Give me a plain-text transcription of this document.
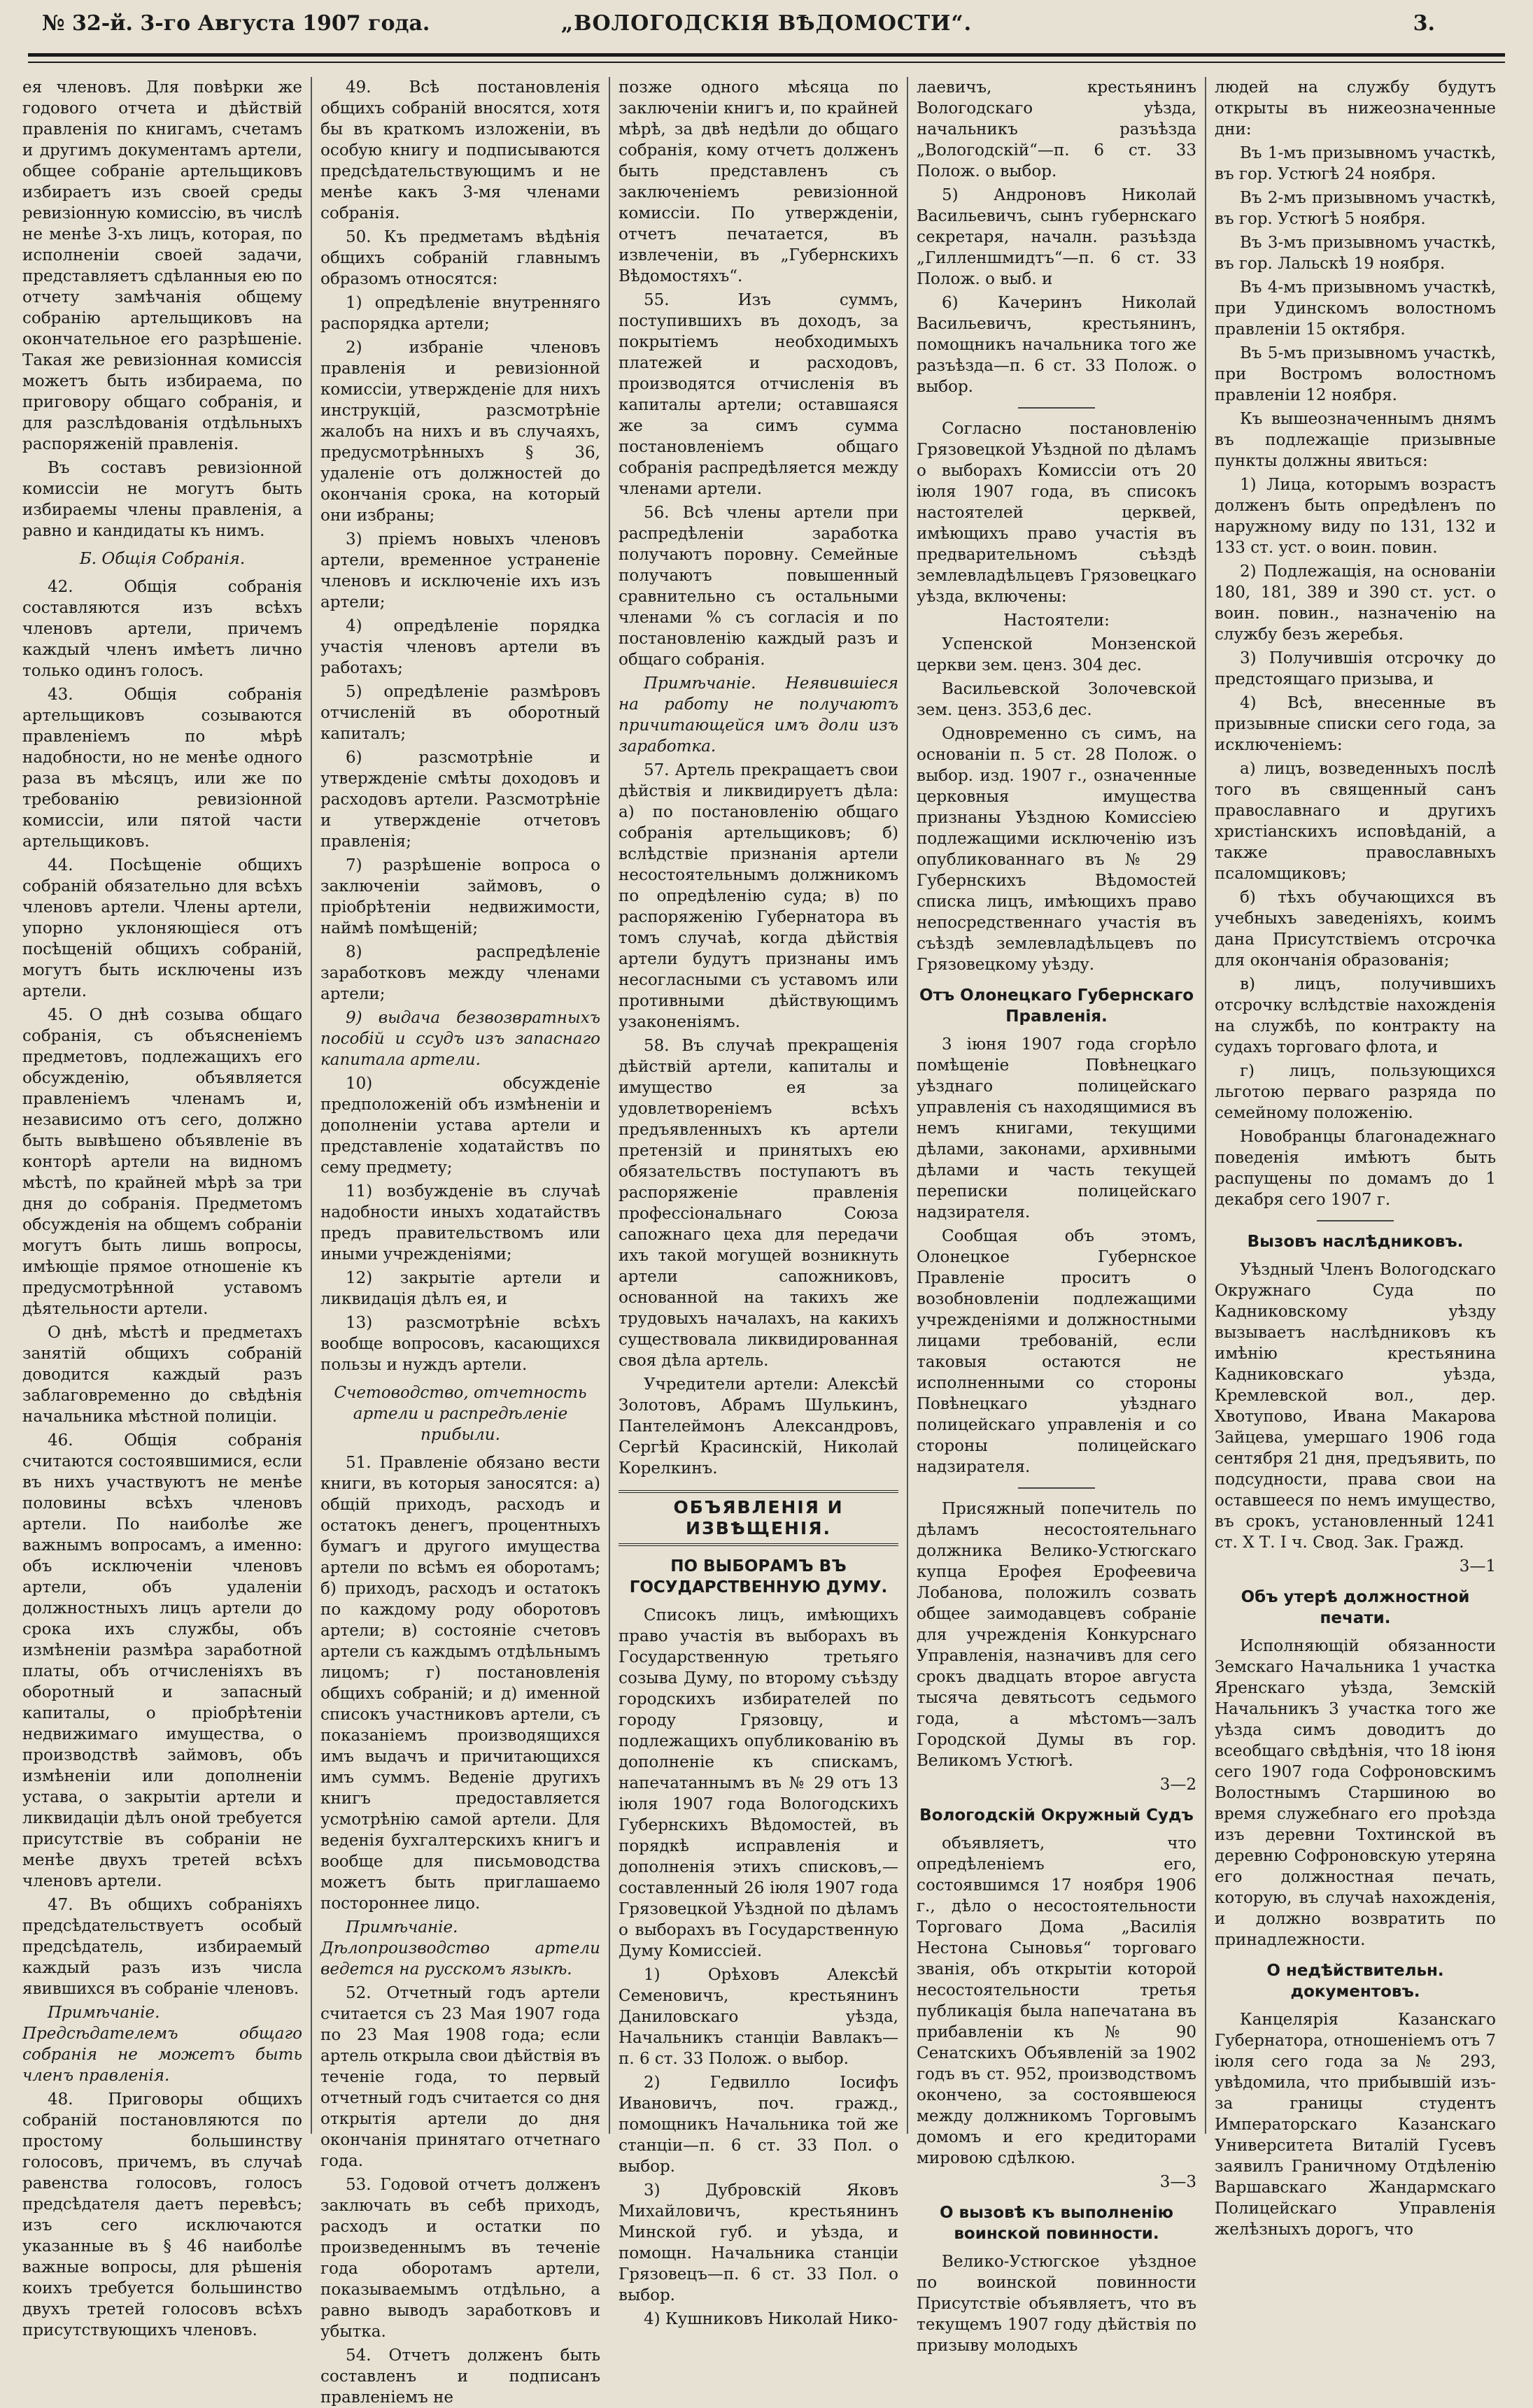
№ 32-й. 3-го Августа 1907 года.	„ВОЛОГОДСКІЯ ВѢДОМОСТИ“.	3.

ея членовъ. Для повѣрки же годового отчета и дѣйствій правленія по книгамъ, счетамъ и другимъ документамъ артели, общее собраніе артельщиковъ избираетъ изъ своей среды ревизіонную комиссію, въ числѣ не менѣе 3-хъ лицъ, которая, по исполненіи своей задачи, представляетъ сдѣланныя ею по отчету замѣчанія общему собранію артельщиковъ на окончательное его разрѣшеніе. Такая же ревизіонная комиссія можетъ быть избираема, по приговору общаго собранія, и для разслѣдованія отдѣльныхъ распоряженій правленія.

Въ составъ ревизіонной комиссіи не могутъ быть избираемы члены правленія, а равно и кандидаты къ нимъ.

Б. Общія Собранія.

42. Общія собранія составляются изъ всѣхъ членовъ артели, причемъ каждый членъ имѣетъ лично только одинъ голосъ.

43. Общія собранія артельщиковъ созываются правленіемъ по мѣрѣ надобности, но не менѣе одного раза въ мѣсяцъ, или же по требованію ревизіонной комиссіи, или пятой части артельщиковъ.

44. Посѣщеніе общихъ собраній обязательно для всѣхъ членовъ артели. Члены артели, упорно уклоняющіеся отъ посѣщеній общихъ собраній, могутъ быть исключены изъ артели.

45. О днѣ созыва общаго собранія, съ объясненіемъ предметовъ, подлежащихъ его обсужденію, объявляется правленіемъ членамъ и, независимо отъ сего, должно быть вывѣшено объявленіе въ конторѣ артели на видномъ мѣстѣ, по крайней мѣрѣ за три дня до собранія. Предметомъ обсужденія на общемъ собраніи могутъ быть лишь вопросы, имѣющіе прямое отношеніе къ предусмотрѣнной уставомъ дѣятельности артели.

О днѣ, мѣстѣ и предметахъ занятій общихъ собраній доводится каждый разъ заблаговременно до свѣдѣнія начальника мѣстной полиціи.

46. Общія собранія считаются состоявшимися, если въ нихъ участвуютъ не менѣе половины всѣхъ членовъ артели. По наиболѣе же важнымъ вопросамъ, а именно: объ исключеніи членовъ артели, объ удаленіи должностныхъ лицъ артели до срока ихъ службы, объ измѣненіи размѣра заработной платы, объ отчисленіяхъ въ оборотный и запасный капиталы, о пріобрѣтеніи недвижимаго имущества, о производствѣ займовъ, объ измѣненіи или дополненіи устава, о закрытіи артели и ликвидаціи дѣлъ оной требуется присутствіе въ собраніи не менѣе двухъ третей всѣхъ членовъ артели.

47. Въ общихъ собраніяхъ предсѣдательствуетъ особый предсѣдатель, избираемый каждый разъ изъ числа явившихся въ собраніе членовъ.

Примѣчаніе. Предсѣдателемъ общаго собранія не можетъ быть членъ правленія.

48. Приговоры общихъ собраній постановляются по простому большинству голосовъ, причемъ, въ случаѣ равенства голосовъ, голосъ предсѣдателя даетъ перевѣсъ; изъ сего исключаются указанные въ § 46 наиболѣе важные вопросы, для рѣшенія коихъ требуется большинство двухъ третей голосовъ всѣхъ присутствующихъ членовъ.

49. Всѣ постановленія общихъ собраній вносятся, хотя бы въ краткомъ изложеніи, въ особую книгу и подписываются предсѣдательствующимъ и не менѣе какъ 3-мя членами собранія.

50. Къ предметамъ вѣдѣнія общихъ собраній главнымъ образомъ относятся:

1) опредѣленіе внутренняго распорядка артели;

2) избраніе членовъ правленія и ревизіонной комиссіи, утвержденіе для нихъ инструкцій, разсмотрѣніе жалобъ на нихъ и въ случаяхъ, предусмотрѣнныхъ § 36, удаленіе отъ должностей до окончанія срока, на который они избраны;

3) пріемъ новыхъ членовъ артели, временное устраненіе членовъ и исключеніе ихъ изъ артели;

4) опредѣленіе порядка участія членовъ артели въ работахъ;

5) опредѣленіе размѣровъ отчисленій въ оборотный капиталъ;

6) разсмотрѣніе и утвержденіе смѣты доходовъ и расходовъ артели. Разсмотрѣніе и утвержденіе отчетовъ правленія;

7) разрѣшеніе вопроса о заключеніи займовъ, о пріобрѣтеніи недвижимости, наймѣ помѣщеній;

8) распредѣленіе заработковъ между членами артели;

9) выдача безвозвратныхъ пособій и ссудъ изъ запаснаго капитала артели.

10) обсужденіе предположеній объ измѣненіи и дополненіи устава артели и представленіе ходатайствъ по сему предмету;

11) возбужденіе въ случаѣ надобности иныхъ ходатайствъ предъ правительствомъ или иными учрежденіями;

12) закрытіе артели и ликвидація дѣлъ ея, и

13) разсмотрѣніе всѣхъ вообще вопросовъ, касающихся пользы и нуждъ артели.

Счетоводство, отчетность артели и распредѣленіе прибыли.

51. Правленіе обязано вести книги, въ которыя заносятся: а) общій приходъ, расходъ и остатокъ денегъ, процентныхъ бумагъ и другого имущества артели по всѣмъ ея оборотамъ; б) приходъ, расходъ и остатокъ по каждому роду оборотовъ артели; в) состояніе счетовъ артели съ каждымъ отдѣльнымъ лицомъ; г) постановленія общихъ собраній; и д) именной списокъ участниковъ артели, съ показаніемъ производящихся имъ выдачъ и причитающихся имъ суммъ. Веденіе другихъ книгъ предоставляется усмотрѣнію самой артели. Для веденія бухгалтерскихъ книгъ и вообще для письмоводства можетъ быть приглашаемо постороннее лицо.

Примѣчаніе. Дѣлопроизводство артели ведется на русскомъ языкѣ.

52. Отчетный годъ артели считается съ 23 Мая 1907 года по 23 Мая 1908 года; если артель открыла свои дѣйствія въ теченіе года, то первый отчетный годъ считается со дня открытія артели до дня окончанія принятаго отчетнаго года.

53. Годовой отчетъ долженъ заключать въ себѣ приходъ, расходъ и остатки по произведеннымъ въ теченіе года оборотамъ артели, показываемымъ отдѣльно, а равно выводъ заработковъ и убытка.

54. Отчетъ долженъ быть составленъ и подписанъ правленіемъ не

позже одного мѣсяца по заключеніи книгъ и, по крайней мѣрѣ, за двѣ недѣли до общаго собранія, кому отчетъ долженъ быть представленъ съ заключеніемъ ревизіонной комиссіи. По утвержденіи, отчетъ печатается, въ извлеченіи, въ „Губернскихъ Вѣдомостяхъ“.

55. Изъ суммъ, поступившихъ въ доходъ, за покрытіемъ необходимыхъ платежей и расходовъ, производятся отчисленія въ капиталы артели; оставшаяся же за симъ сумма постановленіемъ общаго собранія распредѣляется между членами артели.

56. Всѣ члены артели при распредѣленіи заработка получаютъ поровну. Семейные получаютъ повышенный сравнительно съ остальными членами % съ согласія и по постановленію каждый разъ и общаго собранія.

Примѣчаніе. Неявившіеся на работу не получаютъ причитающейся имъ доли изъ заработка.

57. Артель прекращаетъ свои дѣйствія и ликвидируетъ дѣла: а) по постановленію общаго собранія артельщиковъ; б) вслѣдствіе признанія артели несостоятельнымъ должникомъ по опредѣленію суда; в) по распоряженію Губернатора въ томъ случаѣ, когда дѣйствія артели будутъ признаны имъ несогласными съ уставомъ или противными дѣйствующимъ узаконеніямъ.

58. Въ случаѣ прекращенія дѣйствій артели, капиталы и имущество ея за удовлетвореніемъ всѣхъ предъявленныхъ къ артели претензій и принятыхъ ею обязательствъ поступаютъ въ распоряженіе правленія профессіональнаго Союза сапожнаго цеха для передачи ихъ такой могущей возникнуть артели сапожниковъ, основанной на такихъ же трудовыхъ началахъ, на какихъ существовала ликвидированная своя дѣла артель.

Учредители артели: Алексѣй Золотовъ, Абрамъ Шулькинъ, Пантелеймонъ Александровъ, Сергѣй Красинскій, Николай Корелкинъ.

ОБЪЯВЛЕНІЯ И ИЗВѢЩЕНІЯ.
ПО ВЫБОРАМЪ ВЪ ГОСУДАРСТВЕННУЮ ДУМУ.

Списокъ лицъ, имѣющихъ право участія въ выборахъ въ Государственную третьяго созыва Думу, по второму съѣзду городскихъ избирателей по городу Грязовцу, и подлежащихъ опубликованію въ дополненіе къ спискамъ, напечатаннымъ въ № 29 отъ 13 іюля 1907 года Вологодскихъ Губернскихъ Вѣдомостей, въ порядкѣ исправленія и дополненія этихъ списковъ,—составленный 26 іюля 1907 года Грязовецкой Уѣздной по дѣламъ о выборахъ въ Государственную Думу Комиссіей.

1) Орѣховъ Алексѣй Семеновичъ, крестьянинъ Даниловскаго уѣзда, Начальникъ станціи Вавлакъ—п. 6 ст. 33 Полож. о выбор.

2) Гедвилло Іосифъ Ивановичъ, поч. гражд., помощникъ Начальника той же станціи—п. 6 ст. 33 Пол. о выбор.

3) Дубровскій Яковъ Михайловичъ, крестьянинъ Минской губ. и уѣзда, и помощн. Начальника станціи Грязовецъ—п. 6 ст. 33 Пол. о выбор.

4) Кушниковъ Николай Нико-

лаевичъ, крестьянинъ Вологодскаго уѣзда, начальникъ разъѣзда „Вологодскій“—п. 6 ст. 33 Полож. о выбор.

5) Андроновъ Николай Васильевичъ, сынъ губернскаго секретаря, началн. разъѣзда „Гилленшмидтъ“—п. 6 ст. 33 Полож. о выб. и

6) Качеринъ Николай Васильевичъ, крестьянинъ, помощникъ начальника того же разъѣзда—п. 6 ст. 33 Полож. о выбор.

Согласно постановленію Грязовецкой Уѣздной по дѣламъ о выборахъ Комиссіи отъ 20 іюля 1907 года, въ списокъ настоятелей церквей, имѣющихъ право участія въ предварительномъ съѣздѣ землевладѣльцевъ Грязовецкаго уѣзда, включены:

Настоятели:

Успенской Монзенской церкви зем. ценз. 304 дес.

Васильевской Золочевской зем. ценз. 353,6 дес.

Одновременно съ симъ, на основаніи п. 5 ст. 28 Полож. о выбор. изд. 1907 г., означенные церковныя имущества признаны Уѣздною Комиссіею подлежащими исключенію изъ опубликованнаго въ № 29 Губернскихъ Вѣдомостей списка лицъ, имѣющихъ право непосредственнаго участія въ съѣздѣ землевладѣльцевъ по Грязовецкому уѣзду.

Отъ Олонецкаго Губернскаго Правленія.

3 іюня 1907 года сгорѣло помѣщеніе Повѣнецкаго уѣзднаго полицейскаго управленія съ находящимися въ немъ книгами, текущими дѣлами, законами, архивными дѣлами и часть текущей переписки полицейскаго надзирателя.

Сообщая объ этомъ, Олонецкое Губернское Правленіе проситъ о возобновленіи подлежащими учрежденіями и должностными лицами требованій, если таковыя остаются не исполненными со стороны Повѣнецкаго уѣзднаго полицейскаго управленія и со стороны полицейскаго надзирателя.

Присяжный попечитель по дѣламъ несостоятельнаго должника Велико-Устюгскаго купца Ерофея Ерофеевича Лобанова, положилъ созвать общее заимодавцевъ собраніе для учрежденія Конкурснаго Управленія, назначивъ для сего срокъ двадцать второе августа тысяча девятьсотъ седьмого года, а мѣстомъ—залъ Городской Думы въ гор. Великомъ Устюгѣ.

3—2

Вологодскій Окружный Судъ

объявляетъ, что опредѣленіемъ его, состоявшимся 17 ноября 1906 г., дѣло о несостоятельности Торговаго Дома „Василія Нестона Сыновья“ торговаго званія, объ открытіи которой несостоятельности третья публикація была напечатана въ прибавленіи къ № 90 Сенатскихъ Объявленій за 1902 годъ въ ст. 952, производствомъ окончено, за состоявшеюся между должникомъ Торговымъ домомъ и его кредиторами мировою сдѣлкою.

3—3

О вызовѣ къ выполненію воинской повинности.

Велико-Устюгское уѣздное по воинской повинности Присутствіе объявляетъ, что въ текущемъ 1907 году дѣйствія по призыву молодыхъ

людей на службу будутъ открыты въ нижеозначенные дни:

Въ 1-мъ призывномъ участкѣ, въ гор. Устюгѣ 24 ноября.

Въ 2-мъ призывномъ участкѣ, въ гор. Устюгѣ 5 ноября.

Въ 3-мъ призывномъ участкѣ, въ гор. Лальскѣ 19 ноября.

Въ 4-мъ призывномъ участкѣ, при Удинскомъ волостномъ правленіи 15 октября.

Въ 5-мъ призывномъ участкѣ, при Востромъ волостномъ правленіи 12 ноября.

Къ вышеозначеннымъ днямъ въ подлежащіе призывные пункты должны явиться:

1) Лица, которымъ возрастъ долженъ быть опредѣленъ по наружному виду по 131, 132 и 133 ст. уст. о воин. повин.

2) Подлежащія, на основаніи 180, 181, 389 и 390 ст. уст. о воин. повин., назначенію на службу безъ жеребья.

3) Получившія отсрочку до предстоящаго призыва, и

4) Всѣ, внесенные въ призывные списки сего года, за исключеніемъ:

а) лицъ, возведенныхъ послѣ того въ священный санъ православнаго и другихъ христіанскихъ исповѣданій, а также православныхъ псаломщиковъ;

б) тѣхъ обучающихся въ учебныхъ заведеніяхъ, коимъ дана Присутствіемъ отсрочка для окончанія образованія;

в) лицъ, получившихъ отсрочку вслѣдствіе нахожденія на службѣ, по контракту на судахъ торговаго флота, и

г) лицъ, пользующихся льготою перваго разряда по семейному положенію.

Новобранцы благонадежнаго поведенія имѣютъ быть распущены по домамъ до 1 декабря сего 1907 г.

Вызовъ наслѣдниковъ.

Уѣздный Членъ Вологодскаго Окружнаго Суда по Кадниковскому уѣзду вызываетъ наслѣдниковъ къ имѣнію крестьянина Кадниковскаго уѣзда, Кремлевской вол., дер. Хвотупово, Ивана Макарова Зайцева, умершаго 1906 года сентября 21 дня, предъявить, по подсудности, права свои на оставшееся по немъ имущество, въ срокъ, установленный 1241 ст. X Т. I ч. Свод. Зак. Гражд.

3—1

Объ утерѣ должностной печати.

Исполняющій обязанности Земскаго Начальника 1 участка Яренскаго уѣзда, Земскій Начальникъ 3 участка того же уѣзда симъ доводитъ до всеобщаго свѣдѣнія, что 18 іюня сего 1907 года Софроновскимъ Волостнымъ Старшиною во время служебнаго его проѣзда изъ деревни Тохтинской въ деревню Софроновскую утеряна его должностная печать, которую, въ случаѣ нахожденія, и должно возвратить по принадлежности.

О недѣйствительн. документовъ.

Канцелярія Казанскаго Губернатора, отношеніемъ отъ 7 іюля сего года за № 293, увѣдомила, что прибывшій изъ-за границы студентъ Императорскаго Казанскаго Университета Виталій Гусевъ заявилъ Граничному Отдѣленію Варшавскаго Жандармскаго Полицейскаго Управленія желѣзныхъ дорогъ, что
